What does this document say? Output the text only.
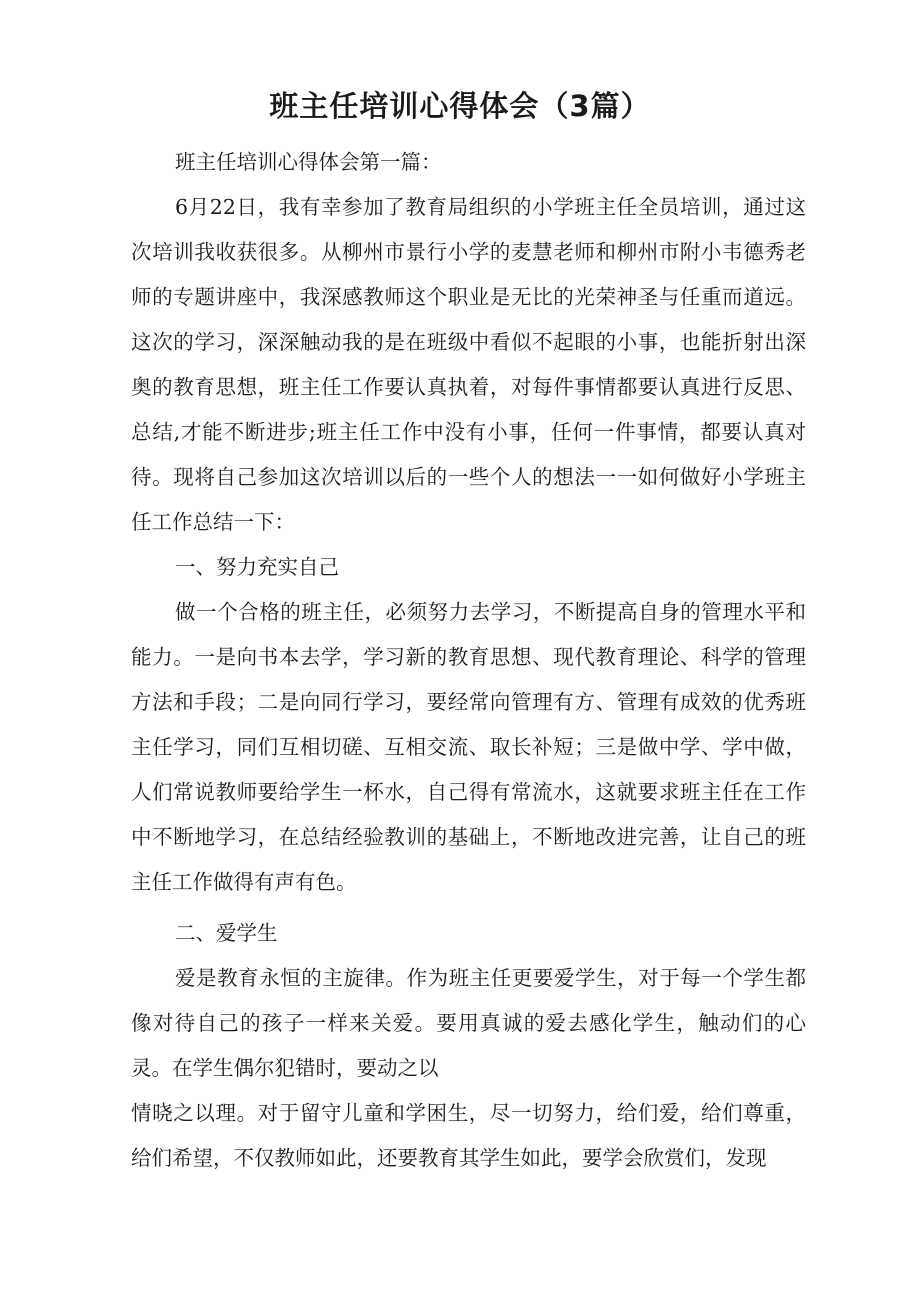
班主任培训心得体会（3篇）

班主任培训心得体会第一篇：

6月22日，我有幸参加了教育局组织的小学班主任全员培训，通过这次培训我收获很多。从柳州市景行小学的麦慧老师和柳州市附小韦德秀老师的专题讲座中，我深感教师这个职业是无比的光荣神圣与任重而道远。这次的学习，深深触动我的是在班级中看似不起眼的小事，也能折射出深奥的教育思想，班主任工作要认真执着，对每件事情都要认真进行反思、总结,才能不断进步;班主任工作中没有小事，任何一件事情，都要认真对待。现将自己参加这次培训以后的一些个人的想法一一如何做好小学班主任工作总结一下：

一、努力充实自己

做一个合格的班主任，必须努力去学习，不断提高自身的管理水平和能力。一是向书本去学，学习新的教育思想、现代教育理论、科学的管理方法和手段；二是向同行学习，要经常向管理有方、管理有成效的优秀班主任学习，同们互相切磋、互相交流、取长补短；三是做中学、学中做，人们常说教师要给学生一杯水，自己得有常流水，这就要求班主任在工作中不断地学习，在总结经验教训的基础上，不断地改进完善，让自己的班主任工作做得有声有色。

二、爱学生

爱是教育永恒的主旋律。作为班主任更要爱学生，对于每一个学生都像对待自己的孩子一样来关爱。要用真诚的爱去感化学生，触动们的心灵。在学生偶尔犯错时，要动之以

情晓之以理。对于留守儿童和学困生，尽一切努力，给们爱，给们尊重，给们希望，不仅教师如此，还要教育其学生如此，要学会欣赏们，发现
